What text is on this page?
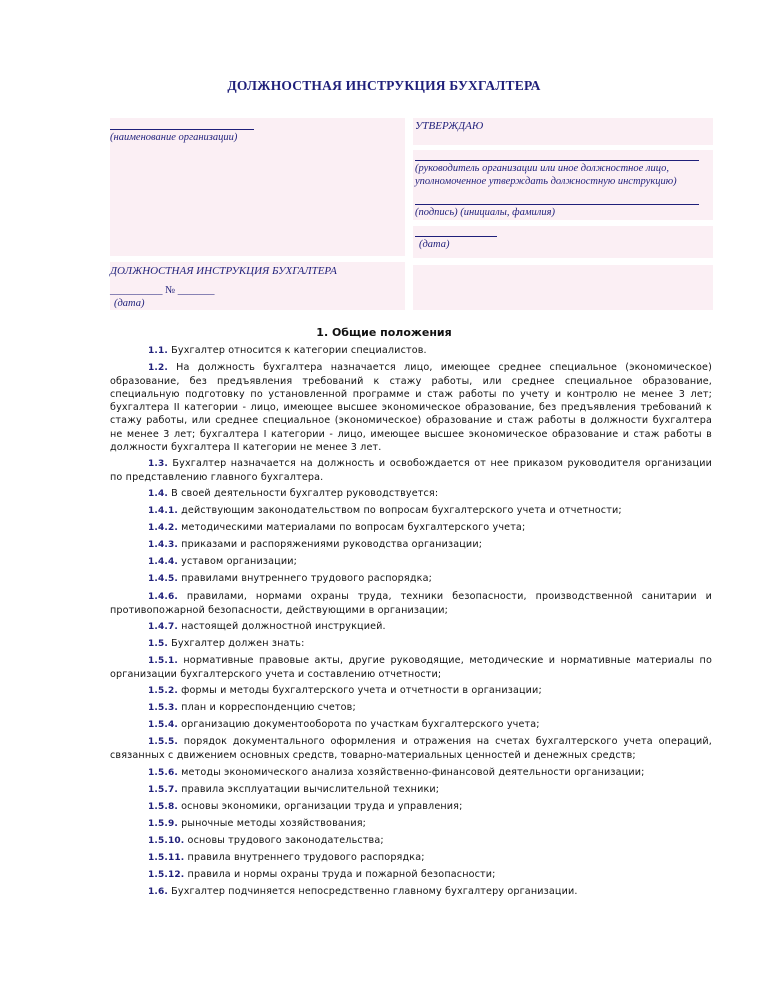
ДОЛЖНОСТНАЯ ИНСТРУКЦИЯ БУХГАЛТЕРА
(наименование организации)
ДОЛЖНОСТНАЯ ИНСТРУКЦИЯ БУХГАЛТЕРА
__________ № _______
(дата)
УТВЕРЖДАЮ
(руководитель организации или иное должностное лицо,
уполномоченное утверждать должностную инструкцию)
(подпись) (инициалы, фамилия)
(дата)
1. Общие положения

1.1. Бухгалтер относится к категории специалистов.

1.2. На должность бухгалтера назначается лицо, имеющее среднее специальное (экономическое) образование, без предъявления требований к стажу работы, или среднее специальное образование, специальную подготовку по установленной программе и стаж работы по учету и контролю не менее 3 лет; бухгалтера II категории - лицо, имеющее высшее экономическое образование, без предъявления требований к стажу работы, или среднее специальное (экономическое) образование и стаж работы в должности бухгалтера не менее 3 лет; бухгалтера I категории - лицо, имеющее высшее экономическое образование и стаж работы в должности бухгалтера II категории не менее 3 лет.

1.3. Бухгалтер назначается на должность и освобождается от нее приказом руководителя организации по представлению главного бухгалтера.

1.4. В своей деятельности бухгалтер руководствуется:

1.4.1. действующим законодательством по вопросам бухгалтерского учета и отчетности;

1.4.2. методическими материалами по вопросам бухгалтерского учета;

1.4.3. приказами и распоряжениями руководства организации;

1.4.4. уставом организации;

1.4.5. правилами внутреннего трудового распорядка;

1.4.6. правилами, нормами охраны труда, техники безопасности, производственной санитарии и противопожарной безопасности, действующими в организации;

1.4.7. настоящей должностной инструкцией.

1.5. Бухгалтер должен знать:

1.5.1. нормативные правовые акты, другие руководящие, методические и нормативные материалы по организации бухгалтерского учета и составлению отчетности;

1.5.2. формы и методы бухгалтерского учета и отчетности в организации;

1.5.3. план и корреспонденцию счетов;

1.5.4. организацию документооборота по участкам бухгалтерского учета;

1.5.5. порядок документального оформления и отражения на счетах бухгалтерского учета операций, связанных с движением основных средств, товарно-материальных ценностей и денежных средств;

1.5.6. методы экономического анализа хозяйственно-финансовой деятельности организации;

1.5.7. правила эксплуатации вычислительной техники;

1.5.8. основы экономики, организации труда и управления;

1.5.9. рыночные методы хозяйствования;

1.5.10. основы трудового законодательства;

1.5.11. правила внутреннего трудового распорядка;

1.5.12. правила и нормы охраны труда и пожарной безопасности;

1.6. Бухгалтер подчиняется непосредственно главному бухгалтеру организации.
